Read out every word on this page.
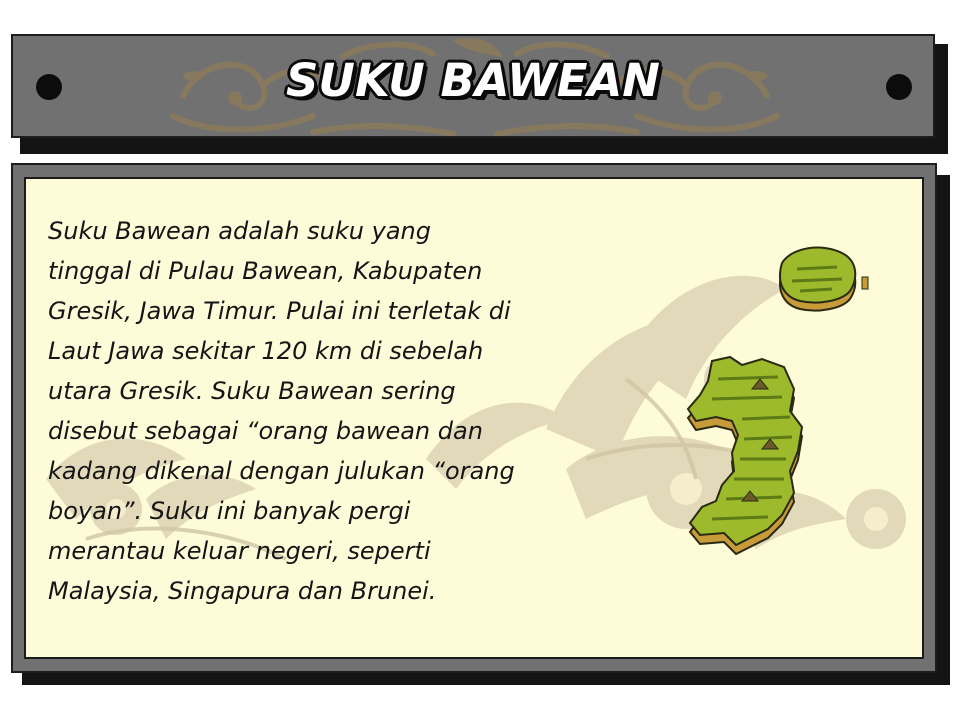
SUKU BAWEAN
Suku Bawean adalah suku yang
tinggal di Pulau Bawean, Kabupaten
Gresik, Jawa Timur. Pulai ini terletak di
Laut Jawa sekitar 120 km di sebelah
utara Gresik. Suku Bawean sering
disebut sebagai “orang bawean dan
kadang dikenal dengan julukan “orang
boyan”. Suku ini banyak pergi
merantau keluar negeri, seperti
Malaysia, Singapura dan Brunei.
